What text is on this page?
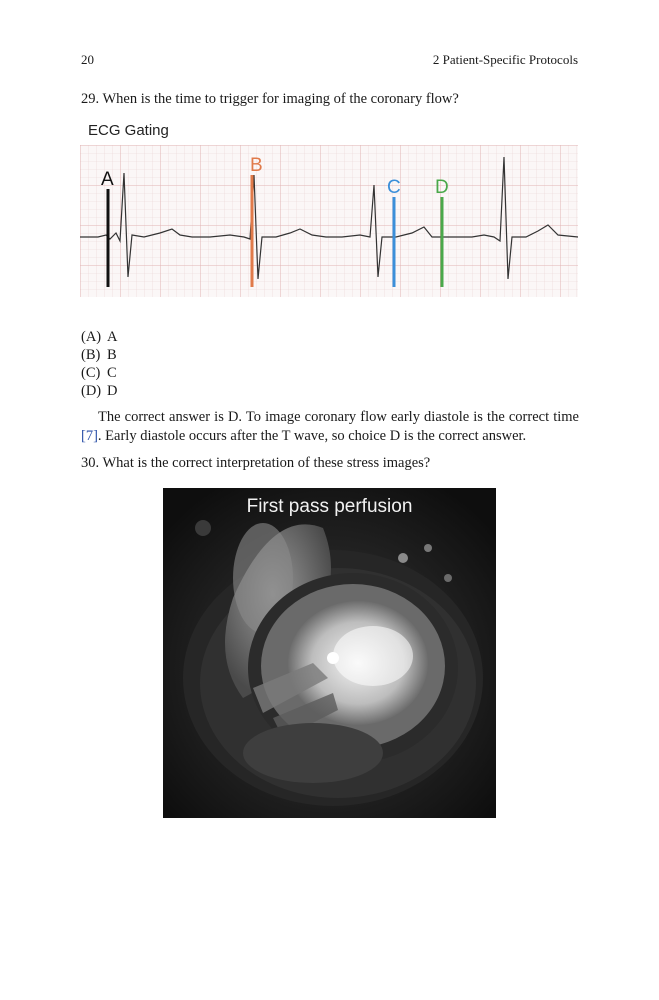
20	2 Patient-Specific Protocols
29. When is the time to trigger for imaging of the coronary flow?
ECG Gating
A
B
C D
(A) A
(B) B
(C) C
(D) D
The correct answer is D. To image coronary flow early diastole is the correct time [7]. Early diastole occurs after the T wave, so choice D is the correct answer.
30. What is the correct interpretation of these stress images?
First pass perfusion
